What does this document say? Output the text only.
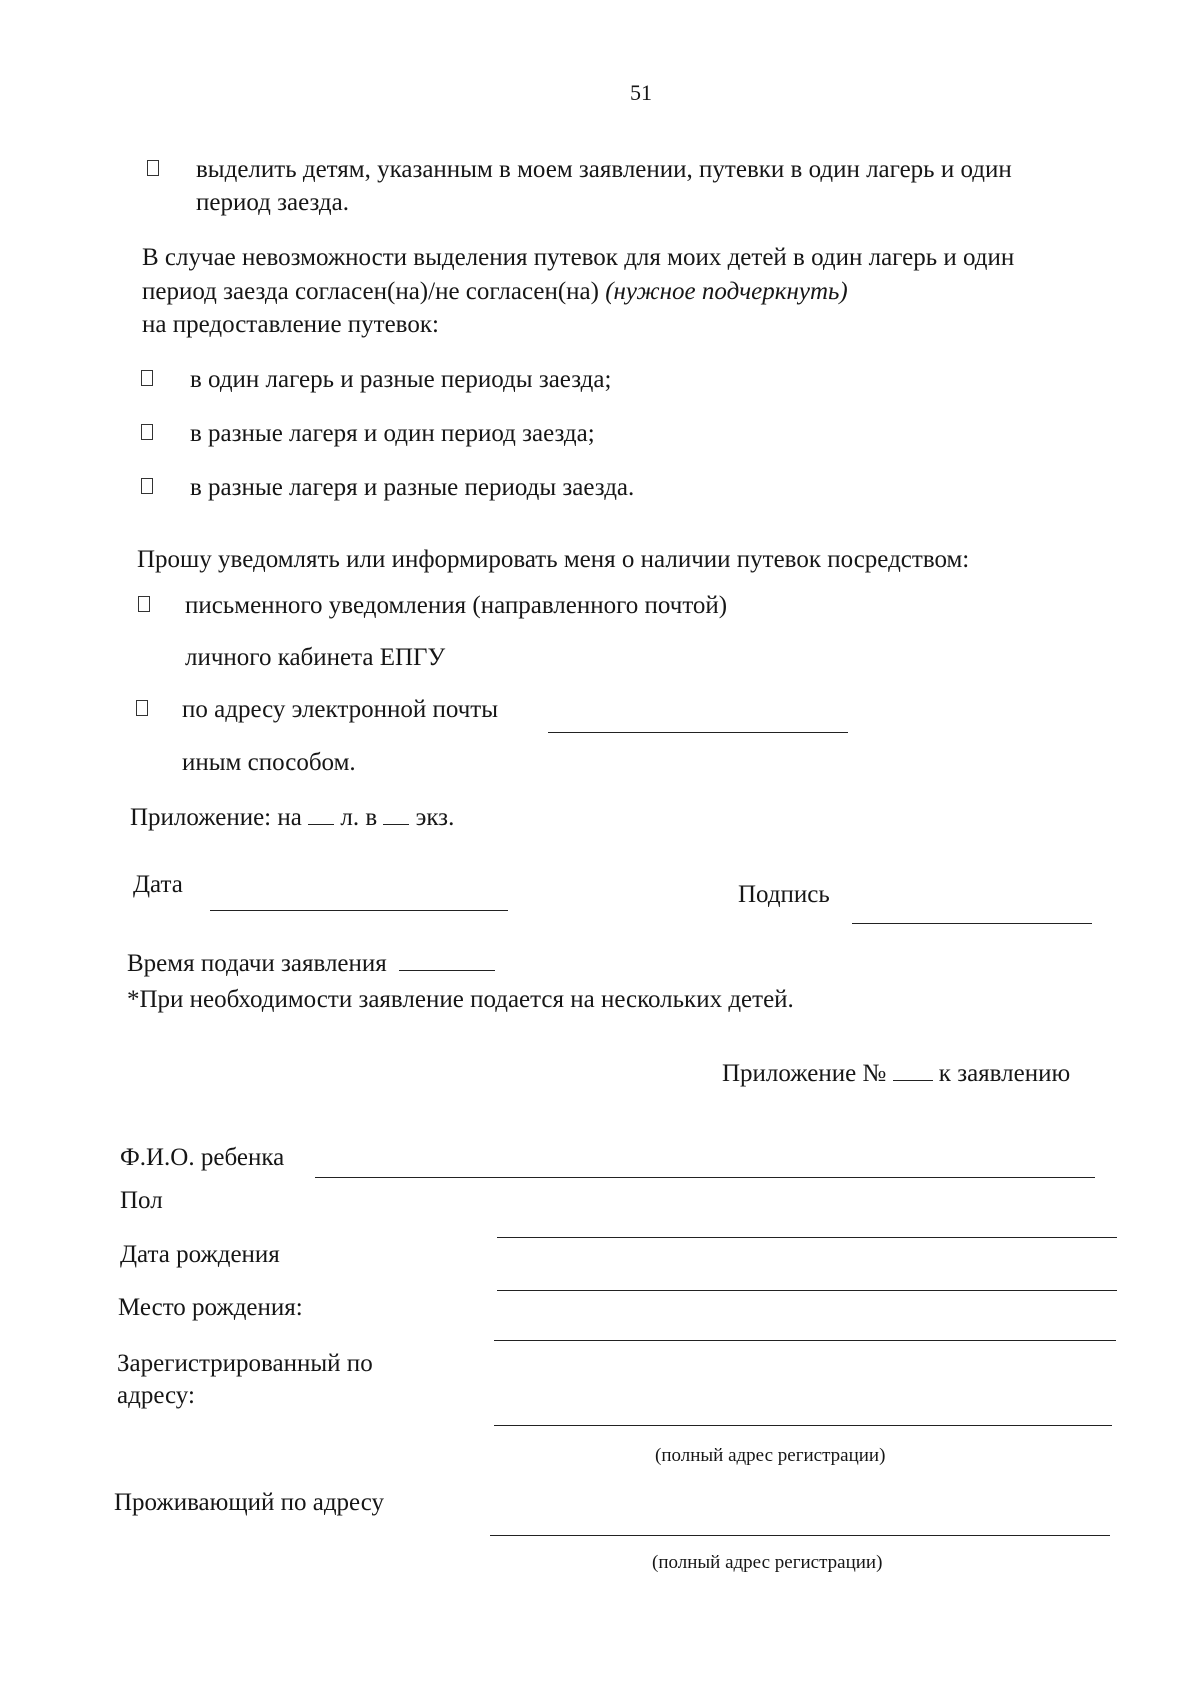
51
выделить детям, указанным в моем заявлении, путевки в один лагерь и один
период заезда.
В случае невозможности выделения путевок для моих детей в один лагерь и один
период заезда согласен(на)/не согласен(на) (нужное подчеркнуть)
на предоставление путевок:
в один лагерь и разные периоды заезда;
в разные лагеря и один период заезда;
в разные лагеря и разные периоды заезда.
Прошу уведомлять или информировать меня о наличии путевок посредством:
письменного уведомления (направленного почтой)
личного кабинета ЕПГУ
по адресу электронной почты
иным способом.
Приложение: на л. в экз.
Дата	Подпись
Время подачи заявления
*При необходимости заявление подается на нескольких детей.
Приложение № к заявлению
Ф.И.О. ребенка
Пол
Дата рождения
Место рождения:
Зарегистрированный по
адресу:
(полный адрес регистрации)
Проживающий по адресу
(полный адрес регистрации)
